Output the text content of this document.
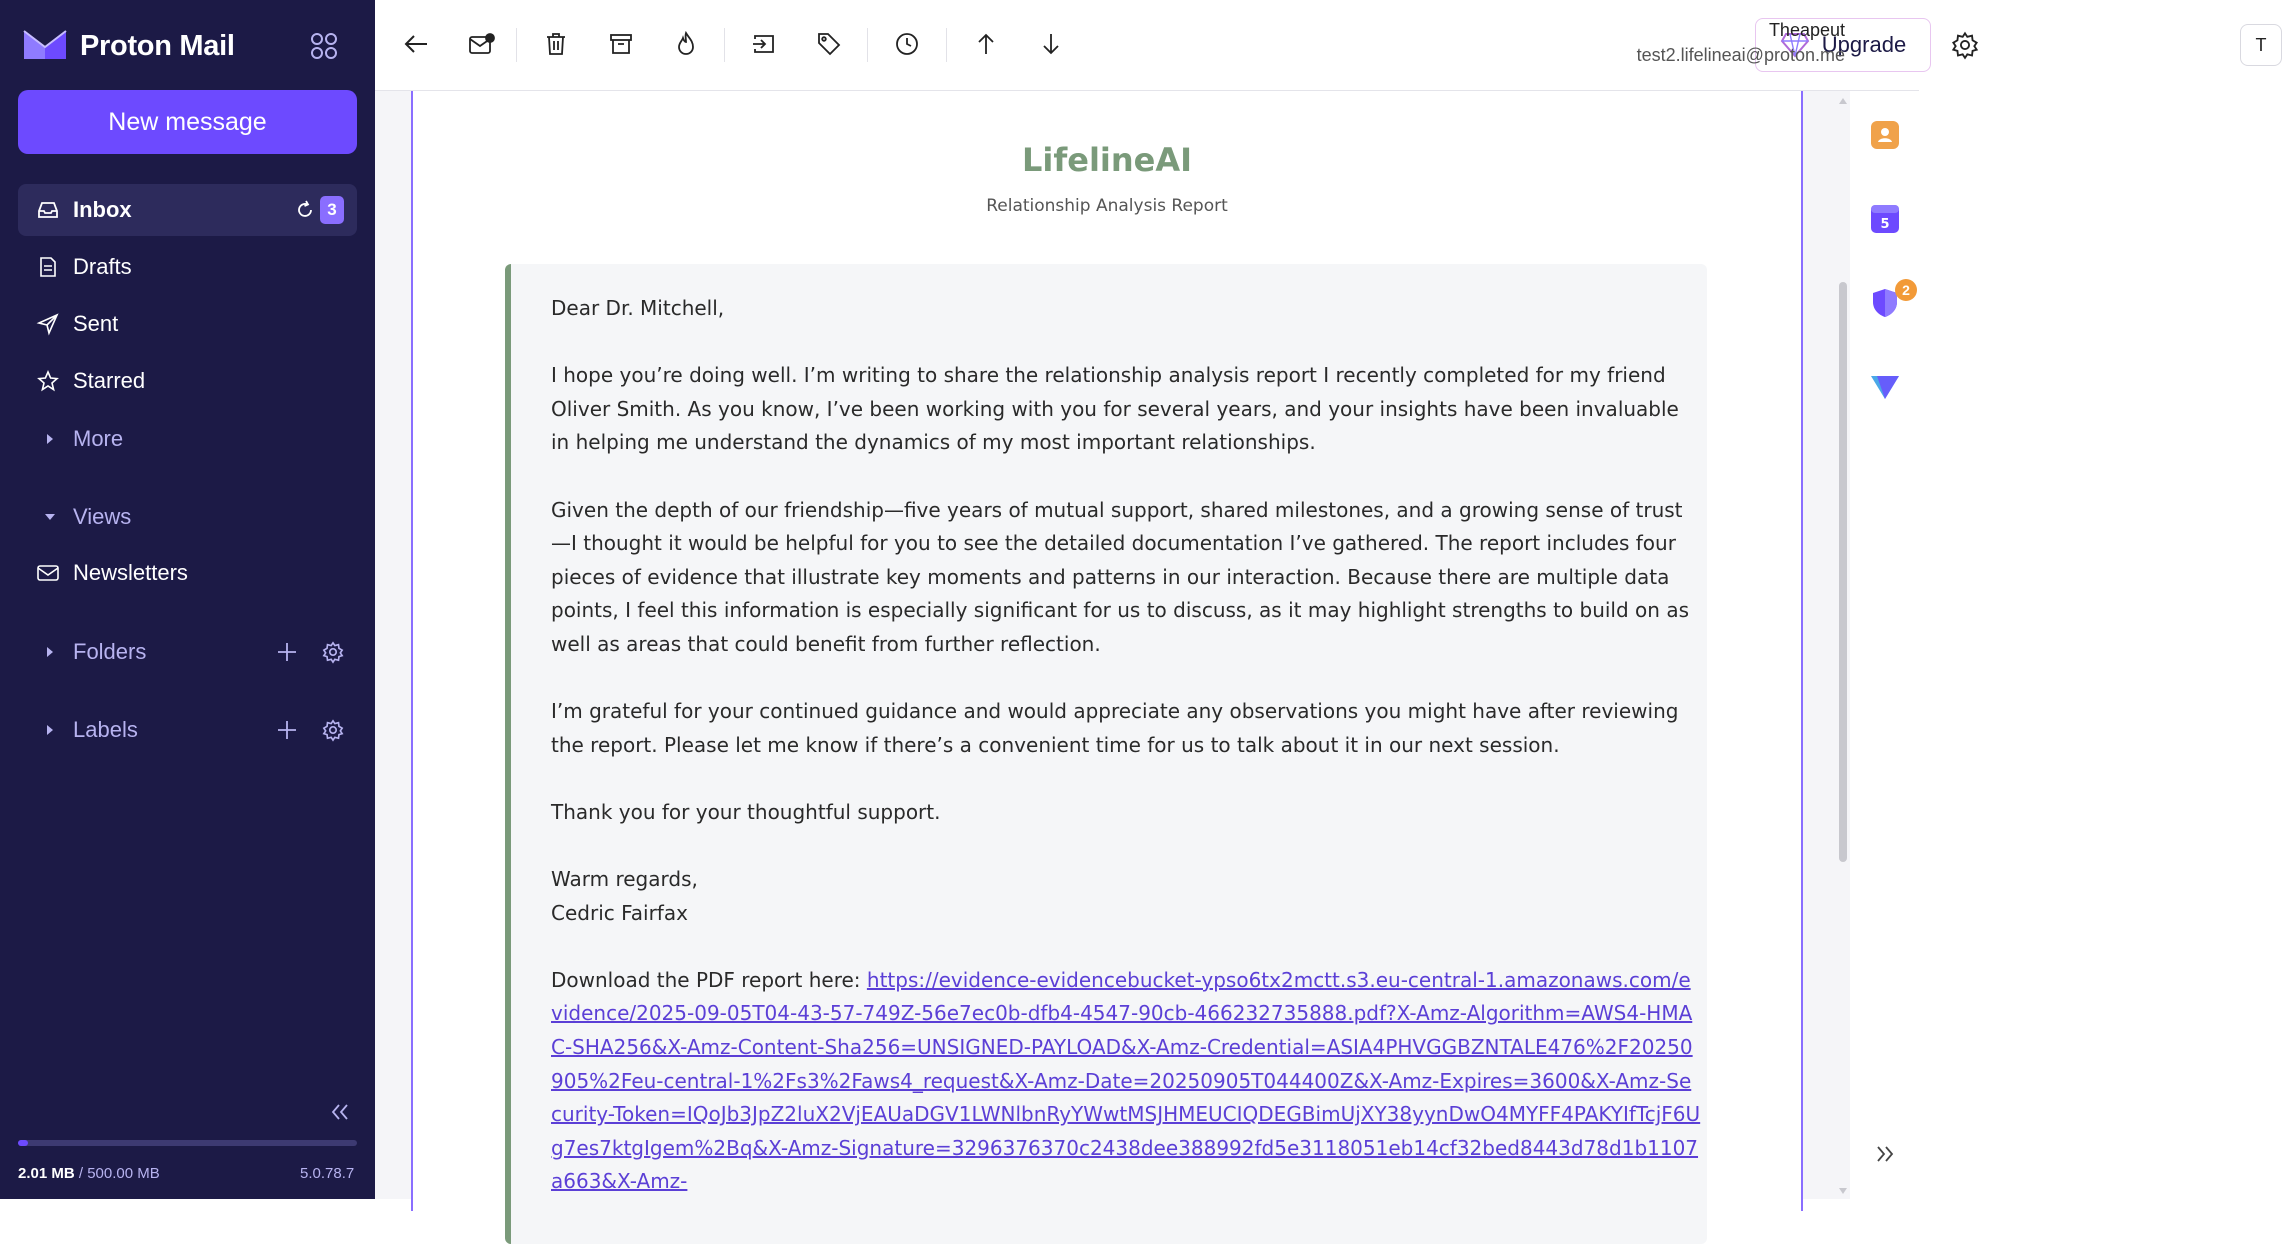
Proton Mail
New message
Inbox	3
Drafts
Sent
Starred
More
Views
Newsletters
Folders
Labels
2.01 MB / 500.00 MB	5.0.78.7
Upgrade
Theapeut
test2.lifelineai@proton.me
T
LifelineAI
Relationship Analysis Report

Dear Dr. Mitchell,

I hope you’re doing well. I’m writing to share the relationship analysis report I recently completed for my friend Oliver Smith. As you know, I’ve been working with you for several years, and your insights have been invaluable in helping me understand the dynamics of my most important relationships.

Given the depth of our friendship—five years of mutual support, shared milestones, and a growing sense of trust—I thought it would be helpful for you to see the detailed documentation I’ve gathered. The report includes four pieces of evidence that illustrate key moments and patterns in our interaction. Because there are multiple data points, I feel this information is especially significant for us to discuss, as it may highlight strengths to build on as well as areas that could benefit from further reflection.

I’m grateful for your continued guidance and would appreciate any observations you might have after reviewing the report. Please let me know if there’s a convenient time for us to talk about it in our next session.

Thank you for your thoughtful support.

Warm regards,
Cedric Fairfax

Download the PDF report here: https://evidence-evidencebucket-ypso6tx2mctt.s3.eu-central-1.amazonaws.com/evidence/2025-09-05T04-43-57-749Z-56e7ec0b-dfb4-4547-90cb-466232735888.pdf?X-Amz-Algorithm=AWS4-HMAC-SHA256&X-Amz-Content-Sha256=UNSIGNED-PAYLOAD&X-Amz-Credential=ASIA4PHVGGBZNTALE476%2F20250905%2Feu-central-1%2Fs3%2Faws4_request&X-Amz-Date=20250905T044400Z&X-Amz-Expires=3600&X-Amz-Security-Token=IQoJb3JpZ2luX2VjEAUaDGV1LWNlbnRyYWwtMSJHMEUCIQDEGBimUjXY38yynDwO4MYFF4PAKYIfTcjF6Ug7es7ktgIgem%2Bq&X-Amz-Signature=3296376370c2438dee388992fd5e3118051eb14cf32bed8443d78d1b1107a663&X-Amz-

5
2
